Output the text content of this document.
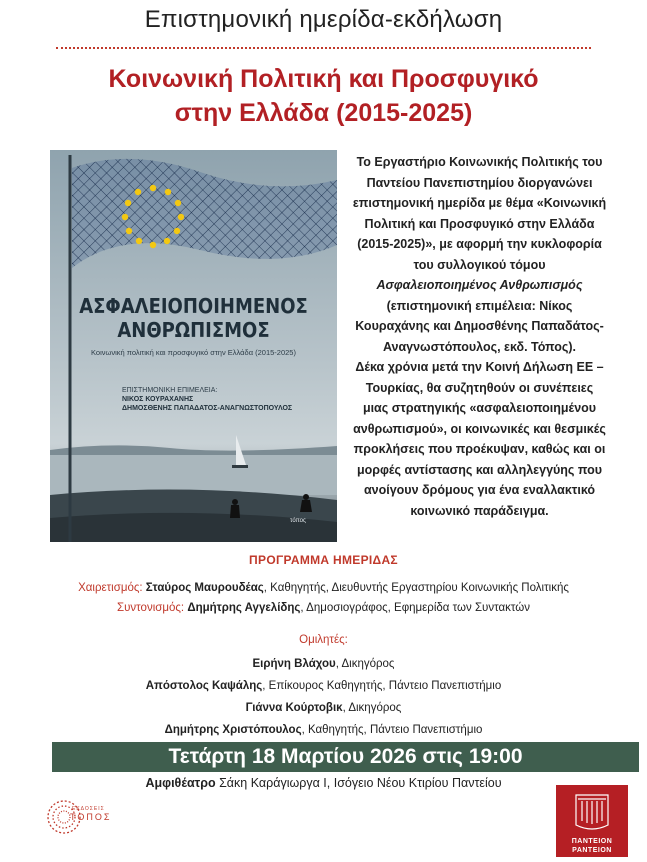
Επιστημονική ημερίδα-εκδήλωση
Κοινωνική Πολιτική και Προσφυγικό
στην Ελλάδα (2015-2025)
ΑΣΦΑΛΕΙΟΠΟΙΗΜΕΝΟΣ
ΑΝΘΡΩΠΙΣΜΟΣ
Κοινωνική πολιτική και προσφυγικό στην Ελλάδα (2015-2025)
ΕΠΙΣΤΗΜΟΝΙΚΗ ΕΠΙΜΕΛΕΙΑ:
ΝΙΚΟΣ ΚΟΥΡΑΧΑΝΗΣ
ΔΗΜΟΣΘΕΝΗΣ ΠΑΠΑΔΑΤΟΣ-ΑΝΑΓΝΩΣΤΟΠΟΥΛΟΣ
τόπος

Το Εργαστήριο Κοινωνικής Πολιτικής του Παντείου Πανεπιστημίου διοργανώνει επιστημονική ημερίδα με θέμα «Κοινωνική Πολιτική και Προσφυγικό στην Ελλάδα (2015-2025)», με αφορμή την κυκλοφορία του συλλογικού τόμου Ασφαλειοποιημένος Ανθρωπισμός (επιστημονική επιμέλεια: Νίκος Κουραχάνης και Δημοσθένης Παπαδάτος-Αναγνωστόπουλος, εκδ. Τόπος).

Δέκα χρόνια μετά την Κοινή Δήλωση ΕΕ – Τουρκίας, θα συζητηθούν οι συνέπειες μιας στρατηγικής «ασφαλειοποιημένου ανθρωπισμού», οι κοινωνικές και θεσμικές προκλήσεις που προέκυψαν, καθώς και οι μορφές αντίστασης και αλληλεγγύης που ανοίγουν δρόμους για ένα εναλλακτικό κοινωνικό παράδειγμα.

ΠΡΟΓΡΑΜΜΑ ΗΜΕΡΙΔΑΣ
Χαιρετισμός: Σταύρος Μαυρουδέας, Καθηγητής, Διευθυντής Εργαστηρίου Κοινωνικής Πολιτικής
Συντονισμός: Δημήτρης Αγγελίδης, Δημοσιογράφος, Εφημερίδα των Συντακτών
Ομιλητές:
Ειρήνη Βλάχου, Δικηγόρος
Απόστολος Καψάλης, Επίκουρος Καθηγητής, Πάντειο Πανεπιστήμιο
Γιάννα Κούρτοβικ, Δικηγόρος
Δημήτρης Χριστόπουλος, Καθηγητής, Πάντειο Πανεπιστήμιο
Τετάρτη 18 Μαρτίου 2026 στις 19:00
Αμφιθέατρο Σάκη Καράγιωργα Ι, Ισόγειο Νέου Κτιρίου Παντείου
ΕΚΔΟΣΕΙΣ
ΤΟΠΟΣ
ΠΑΝΤΕΙΟΝ
PANTEION
